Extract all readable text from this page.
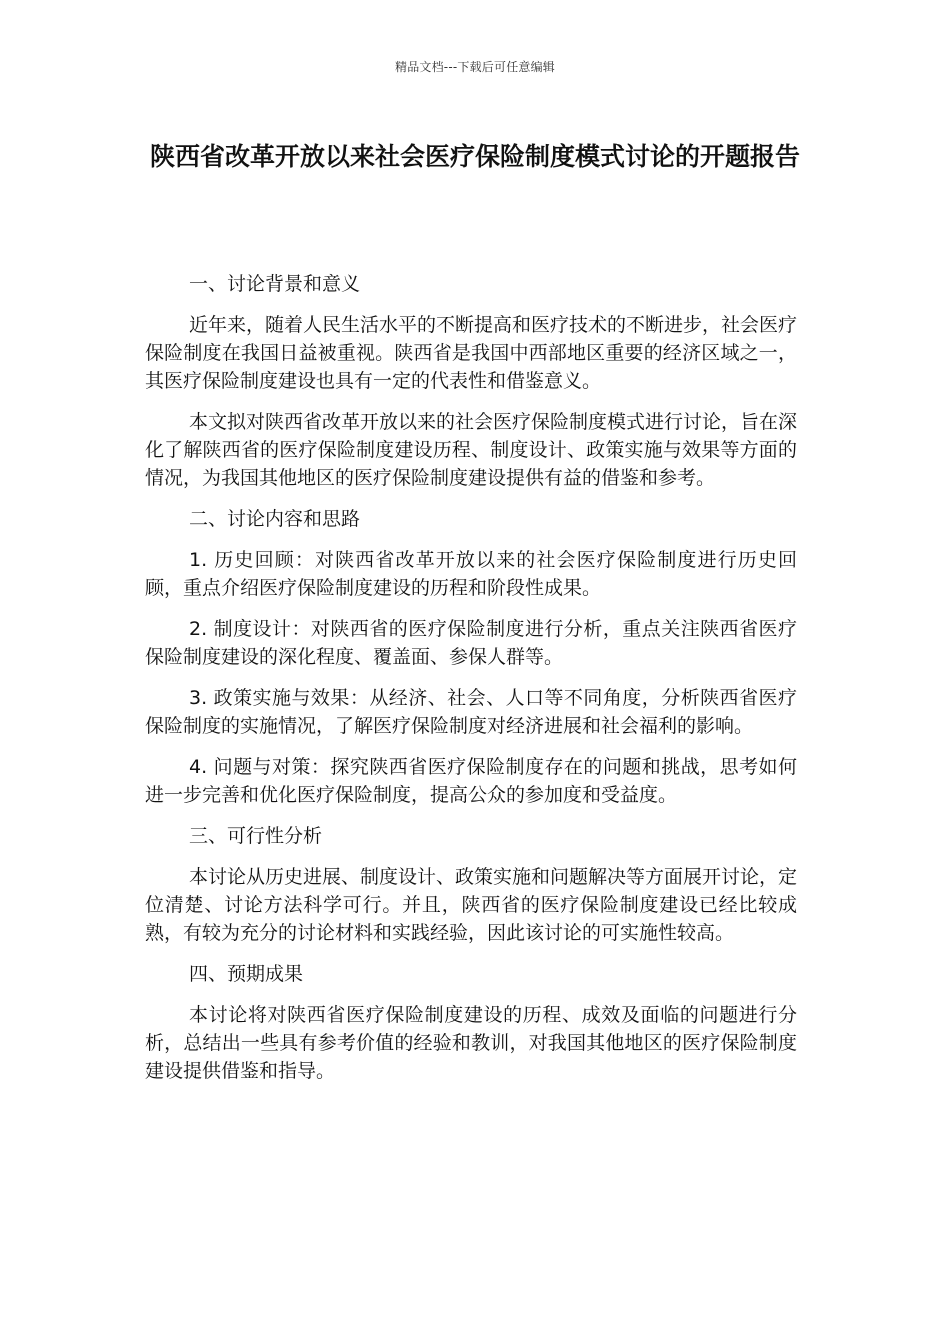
精品文档---下载后可任意编辑
陕西省改革开放以来社会医疗保险制度模式讨论的开题报告

一、讨论背景和意义

近年来，随着人民生活水平的不断提高和医疗技术的不断进步，社会医疗保险制度在我国日益被重视。陕西省是我国中西部地区重要的经济区域之一，其医疗保险制度建设也具有一定的代表性和借鉴意义。

本文拟对陕西省改革开放以来的社会医疗保险制度模式进行讨论，旨在深化了解陕西省的医疗保险制度建设历程、制度设计、政策实施与效果等方面的情况，为我国其他地区的医疗保险制度建设提供有益的借鉴和参考。

二、讨论内容和思路

1. 历史回顾：对陕西省改革开放以来的社会医疗保险制度进行历史回顾，重点介绍医疗保险制度建设的历程和阶段性成果。

2. 制度设计：对陕西省的医疗保险制度进行分析，重点关注陕西省医疗保险制度建设的深化程度、覆盖面、参保人群等。

3. 政策实施与效果：从经济、社会、人口等不同角度，分析陕西省医疗保险制度的实施情况，了解医疗保险制度对经济进展和社会福利的影响。

4. 问题与对策：探究陕西省医疗保险制度存在的问题和挑战，思考如何进一步完善和优化医疗保险制度，提高公众的参加度和受益度。

三、可行性分析

本讨论从历史进展、制度设计、政策实施和问题解决等方面展开讨论，定位清楚、讨论方法科学可行。并且，陕西省的医疗保险制度建设已经比较成熟，有较为充分的讨论材料和实践经验，因此该讨论的可实施性较高。

四、预期成果

本讨论将对陕西省医疗保险制度建设的历程、成效及面临的问题进行分析，总结出一些具有参考价值的经验和教训，对我国其他地区的医疗保险制度建设提供借鉴和指导。
